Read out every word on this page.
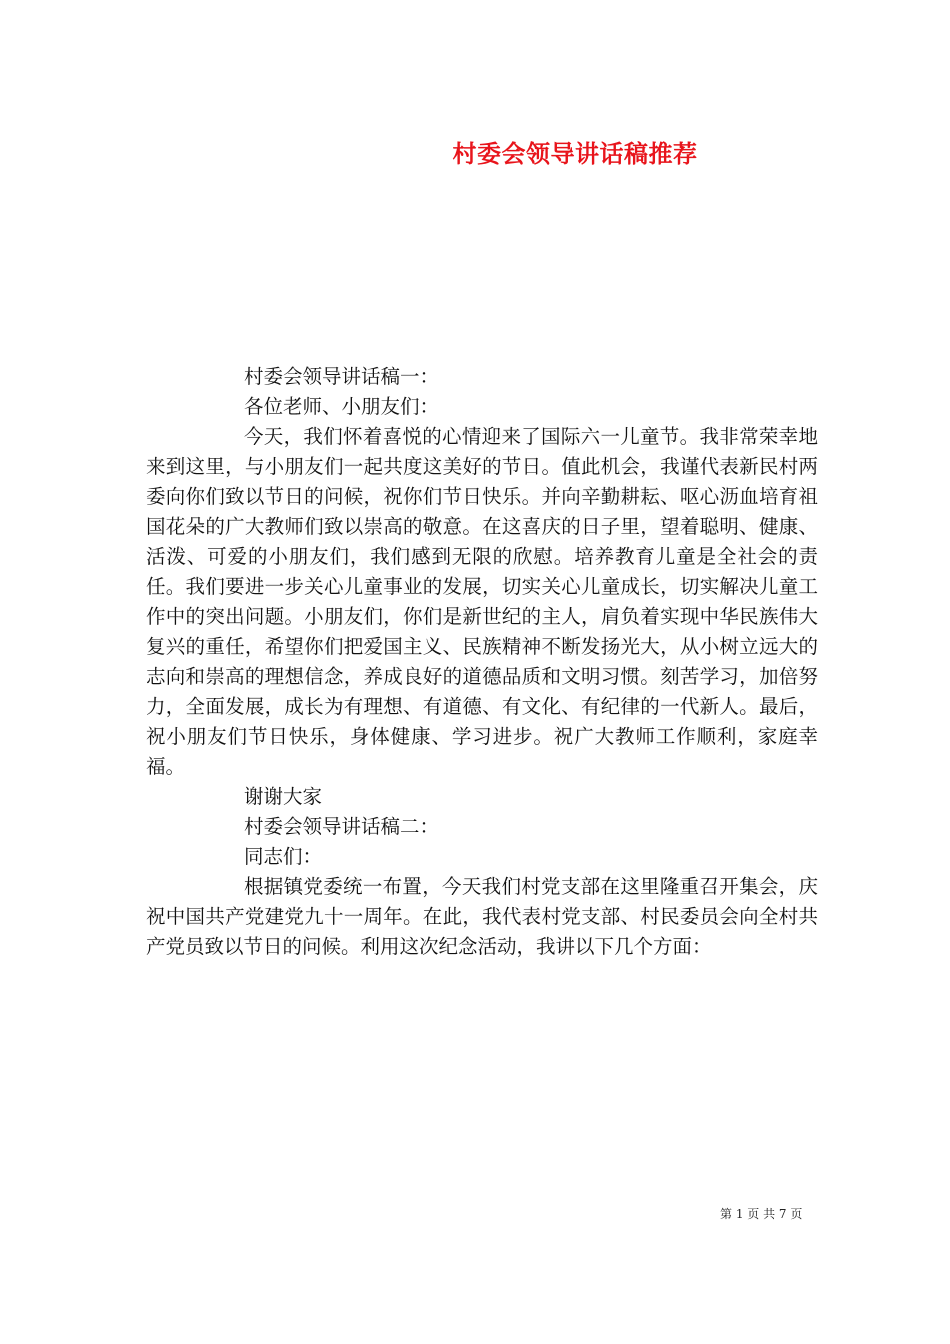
村委会领导讲话稿推荐

村委会领导讲话稿一：

各位老师、小朋友们：

今天，我们怀着喜悦的心情迎来了国际六一儿童节。我非常荣幸地来到这里，与小朋友们一起共度这美好的节日。值此机会，我谨代表新民村两委向你们致以节日的问候，祝你们节日快乐。并向辛勤耕耘、呕心沥血培育祖国花朵的广大教师们致以崇高的敬意。在这喜庆的日子里，望着聪明、健康、活泼、可爱的小朋友们，我们感到无限的欣慰。培养教育儿童是全社会的责任。我们要进一步关心儿童事业的发展，切实关心儿童成长，切实解决儿童工作中的突出问题。小朋友们，你们是新世纪的主人，肩负着实现中华民族伟大复兴的重任，希望你们把爱国主义、民族精神不断发扬光大，从小树立远大的志向和崇高的理想信念，养成良好的道德品质和文明习惯。刻苦学习，加倍努力，全面发展，成长为有理想、有道德、有文化、有纪律的一代新人。最后，祝小朋友们节日快乐，身体健康、学习进步。祝广大教师工作顺利，家庭幸福。

谢谢大家

村委会领导讲话稿二：

同志们：

根据镇党委统一布置，今天我们村党支部在这里隆重召开集会，庆祝中国共产党建党九十一周年。在此，我代表村党支部、村民委员会向全村共产党员致以节日的问候。利用这次纪念活动，我讲以下几个方面：

第 1 页 共 7 页
